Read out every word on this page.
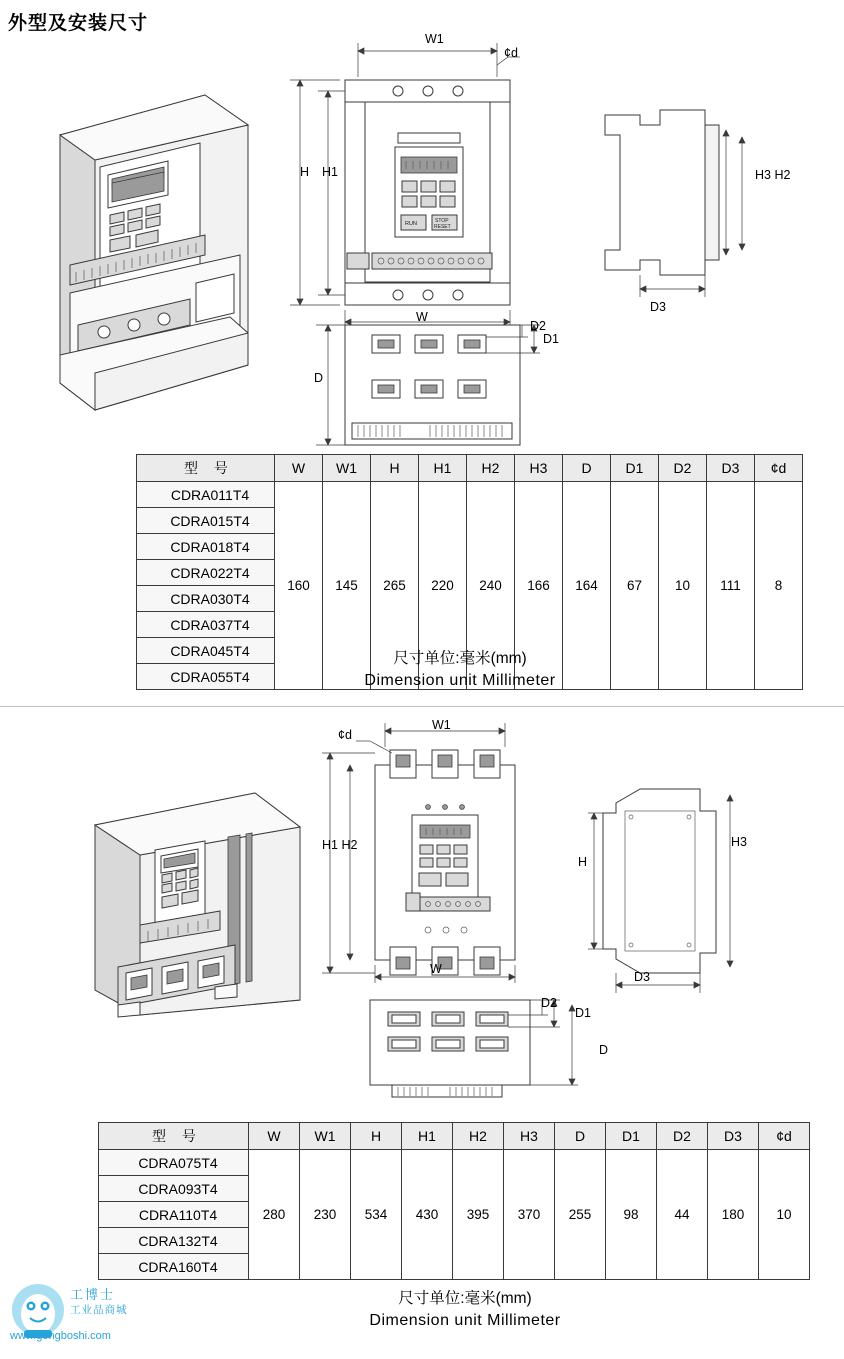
外型及安装尺寸
RUN	STOP
RESET
W1
¢d
W
H H1	H3 H2
D3
D2
D1
D
型 号	W	W1	H	H1	H2	H3	D	D1	D2	D3	¢d
CDRA011T4	160	145	265	220	240	166	164	67	10	111	8
CDRA015T4											
CDRA018T4											
CDRA022T4											
CDRA030T4											
CDRA037T4											
CDRA045T4											
CDRA055T4											
尺寸单位:毫米(mm)
Dimension unit Millimeter
W1
¢d
W
H1 H2
H
H3
D3
D2
D1
D
型 号	W	W1	H	H1	H2	H3	D	D1	D2	D3	¢d
CDRA075T4	280	230	534	430	395	370	255	98	44	180	10
CDRA093T4											
CDRA110T4											
CDRA132T4											
CDRA160T4											
尺寸单位:毫米(mm)
Dimension unit Millimeter
工博士
工业品商城
www.gongboshi.com
